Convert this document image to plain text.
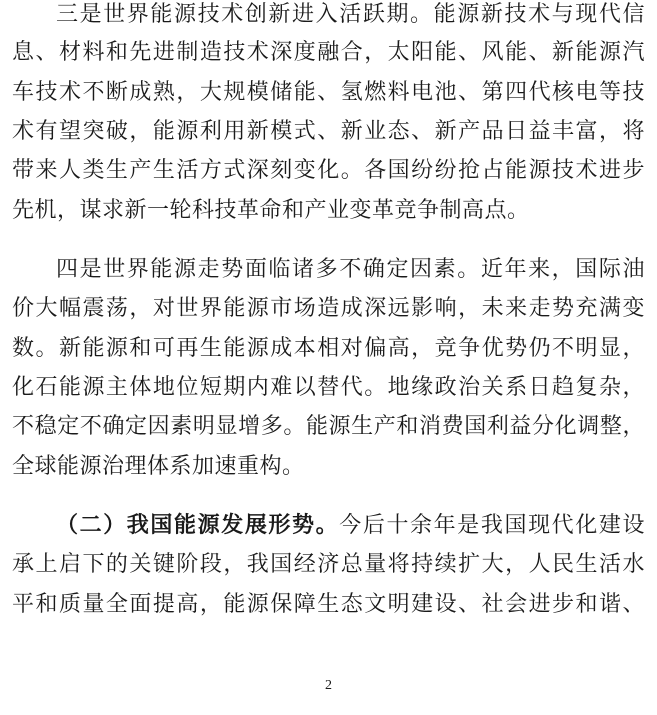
三是世界能源技术创新进入活跃期。能源新技术与现代信
息、材料和先进制造技术深度融合，太阳能、风能、新能源汽
车技术不断成熟，大规模储能、氢燃料电池、第四代核电等技
术有望突破，能源利用新模式、新业态、新产品日益丰富，将
带来人类生产生活方式深刻变化。各国纷纷抢占能源技术进步
先机，谋求新一轮科技革命和产业变革竞争制高点。
四是世界能源走势面临诸多不确定因素。近年来，国际油
价大幅震荡，对世界能源市场造成深远影响，未来走势充满变
数。新能源和可再生能源成本相对偏高，竞争优势仍不明显，
化石能源主体地位短期内难以替代。地缘政治关系日趋复杂，
不稳定不确定因素明显增多。能源生产和消费国利益分化调整，
全球能源治理体系加速重构。
（二）我国能源发展形势。今后十余年是我国现代化建设
承上启下的关键阶段，我国经济总量将持续扩大，人民生活水
平和质量全面提高，能源保障生态文明建设、社会进步和谐、
2
